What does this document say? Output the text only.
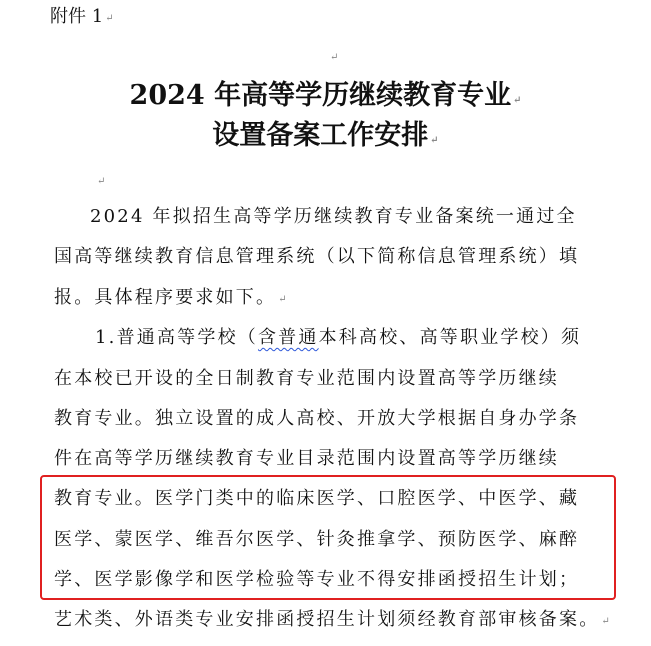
附件 1 ↵
↵
2024 年高等学历继续教育专业 ↵
设置备案工作安排 ↵
↵
2024 年拟招生高等学历继续教育专业备案统一通过全
国高等继续教育信息管理系统（以下简称信息管理系统）填
报。具体程序要求如下。 ↵
1.普通高等学校（含普通本科高校、高等职业学校）须
在本校已开设的全日制教育专业范围内设置高等学历继续
教育专业。独立设置的成人高校、开放大学根据自身办学条
件在高等学历继续教育专业目录范围内设置高等学历继续
教育专业。医学门类中的临床医学、口腔医学、中医学、藏
医学、蒙医学、维吾尔医学、针灸推拿学、预防医学、麻醉
学、医学影像学和医学检验等专业不得安排函授招生计划；
艺术类、外语类专业安排函授招生计划须经教育部审核备案。 ↵
